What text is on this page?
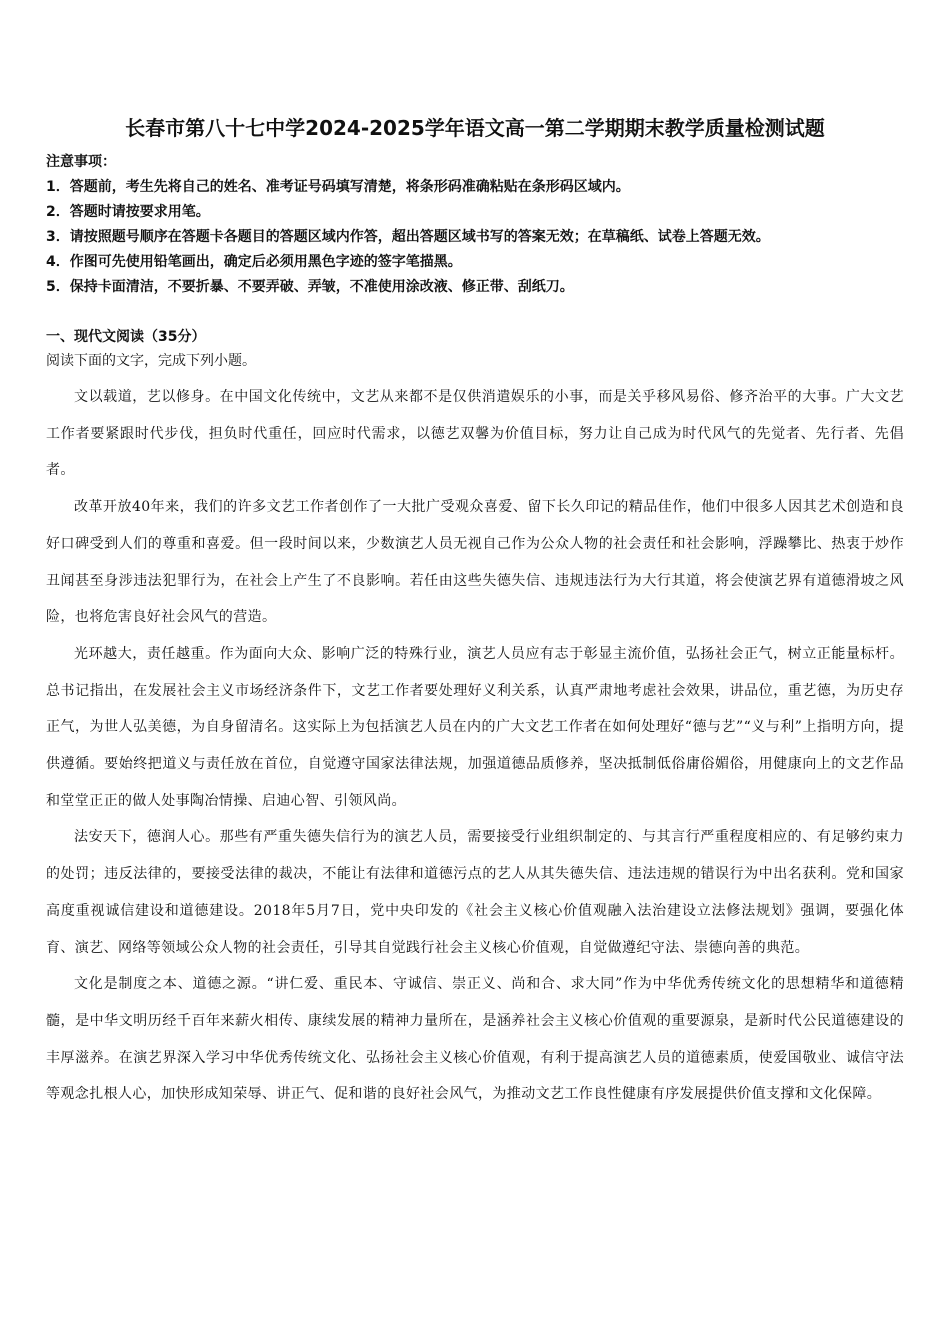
长春市第八十七中学2024-2025学年语文高一第二学期期末教学质量检测试题
注意事项：
1．答题前，考生先将自己的姓名、准考证号码填写清楚，将条形码准确粘贴在条形码区域内。
2．答题时请按要求用笔。
3．请按照题号顺序在答题卡各题目的答题区域内作答，超出答题区域书写的答案无效；在草稿纸、试卷上答题无效。
4．作图可先使用铅笔画出，确定后必须用黑色字迹的签字笔描黑。
5．保持卡面清洁，不要折暴、不要弄破、弄皱，不准使用涂改液、修正带、刮纸刀。
一、现代文阅读（35分）
阅读下面的文字，完成下列小题。

文以载道，艺以修身。在中国文化传统中，文艺从来都不是仅供消遣娱乐的小事，而是关乎移风易俗、修齐治平的大事。广大文艺工作者要紧跟时代步伐，担负时代重任，回应时代需求，以德艺双馨为价值目标，努力让自己成为时代风气的先觉者、先行者、先倡者。

改革开放40年来，我们的许多文艺工作者创作了一大批广受观众喜爱、留下长久印记的精品佳作，他们中很多人因其艺术创造和良好口碑受到人们的尊重和喜爱。但一段时间以来，少数演艺人员无视自己作为公众人物的社会责任和社会影响，浮躁攀比、热衷于炒作丑闻甚至身涉违法犯罪行为，在社会上产生了不良影响。若任由这些失德失信、违规违法行为大行其道，将会使演艺界有道德滑坡之风险，也将危害良好社会风气的营造。

光环越大，责任越重。作为面向大众、影响广泛的特殊行业，演艺人员应有志于彰显主流价值，弘扬社会正气，树立正能量标杆。总书记指出，在发展社会主义市场经济条件下，文艺工作者要处理好义利关系，认真严肃地考虑社会效果，讲品位，重艺德，为历史存正气，为世人弘美德，为自身留清名。这实际上为包括演艺人员在内的广大文艺工作者在如何处理好“德与艺”“义与利”上指明方向，提供遵循。要始终把道义与责任放在首位，自觉遵守国家法律法规，加强道德品质修养，坚决抵制低俗庸俗媚俗，用健康向上的文艺作品和堂堂正正的做人处事陶冶情操、启迪心智、引领风尚。

法安天下，德润人心。那些有严重失德失信行为的演艺人员，需要接受行业组织制定的、与其言行严重程度相应的、有足够约束力的处罚；违反法律的，要接受法律的裁决，不能让有法律和道德污点的艺人从其失德失信、违法违规的错误行为中出名获利。党和国家高度重视诚信建设和道德建设。2018年5月7日，党中央印发的《社会主义核心价值观融入法治建设立法修法规划》强调，要强化体育、演艺、网络等领域公众人物的社会责任，引导其自觉践行社会主义核心价值观，自觉做遵纪守法、崇德向善的典范。

文化是制度之本、道德之源。“讲仁爱、重民本、守诚信、崇正义、尚和合、求大同”作为中华优秀传统文化的思想精华和道德精髓，是中华文明历经千百年来薪火相传、康续发展的精神力量所在，是涵养社会主义核心价值观的重要源泉，是新时代公民道德建设的丰厚滋养。在演艺界深入学习中华优秀传统文化、弘扬社会主义核心价值观，有利于提高演艺人员的道德素质，使爱国敬业、诚信守法等观念扎根人心，加快形成知荣辱、讲正气、促和谐的良好社会风气，为推动文艺工作良性健康有序发展提供价值支撑和文化保障。
